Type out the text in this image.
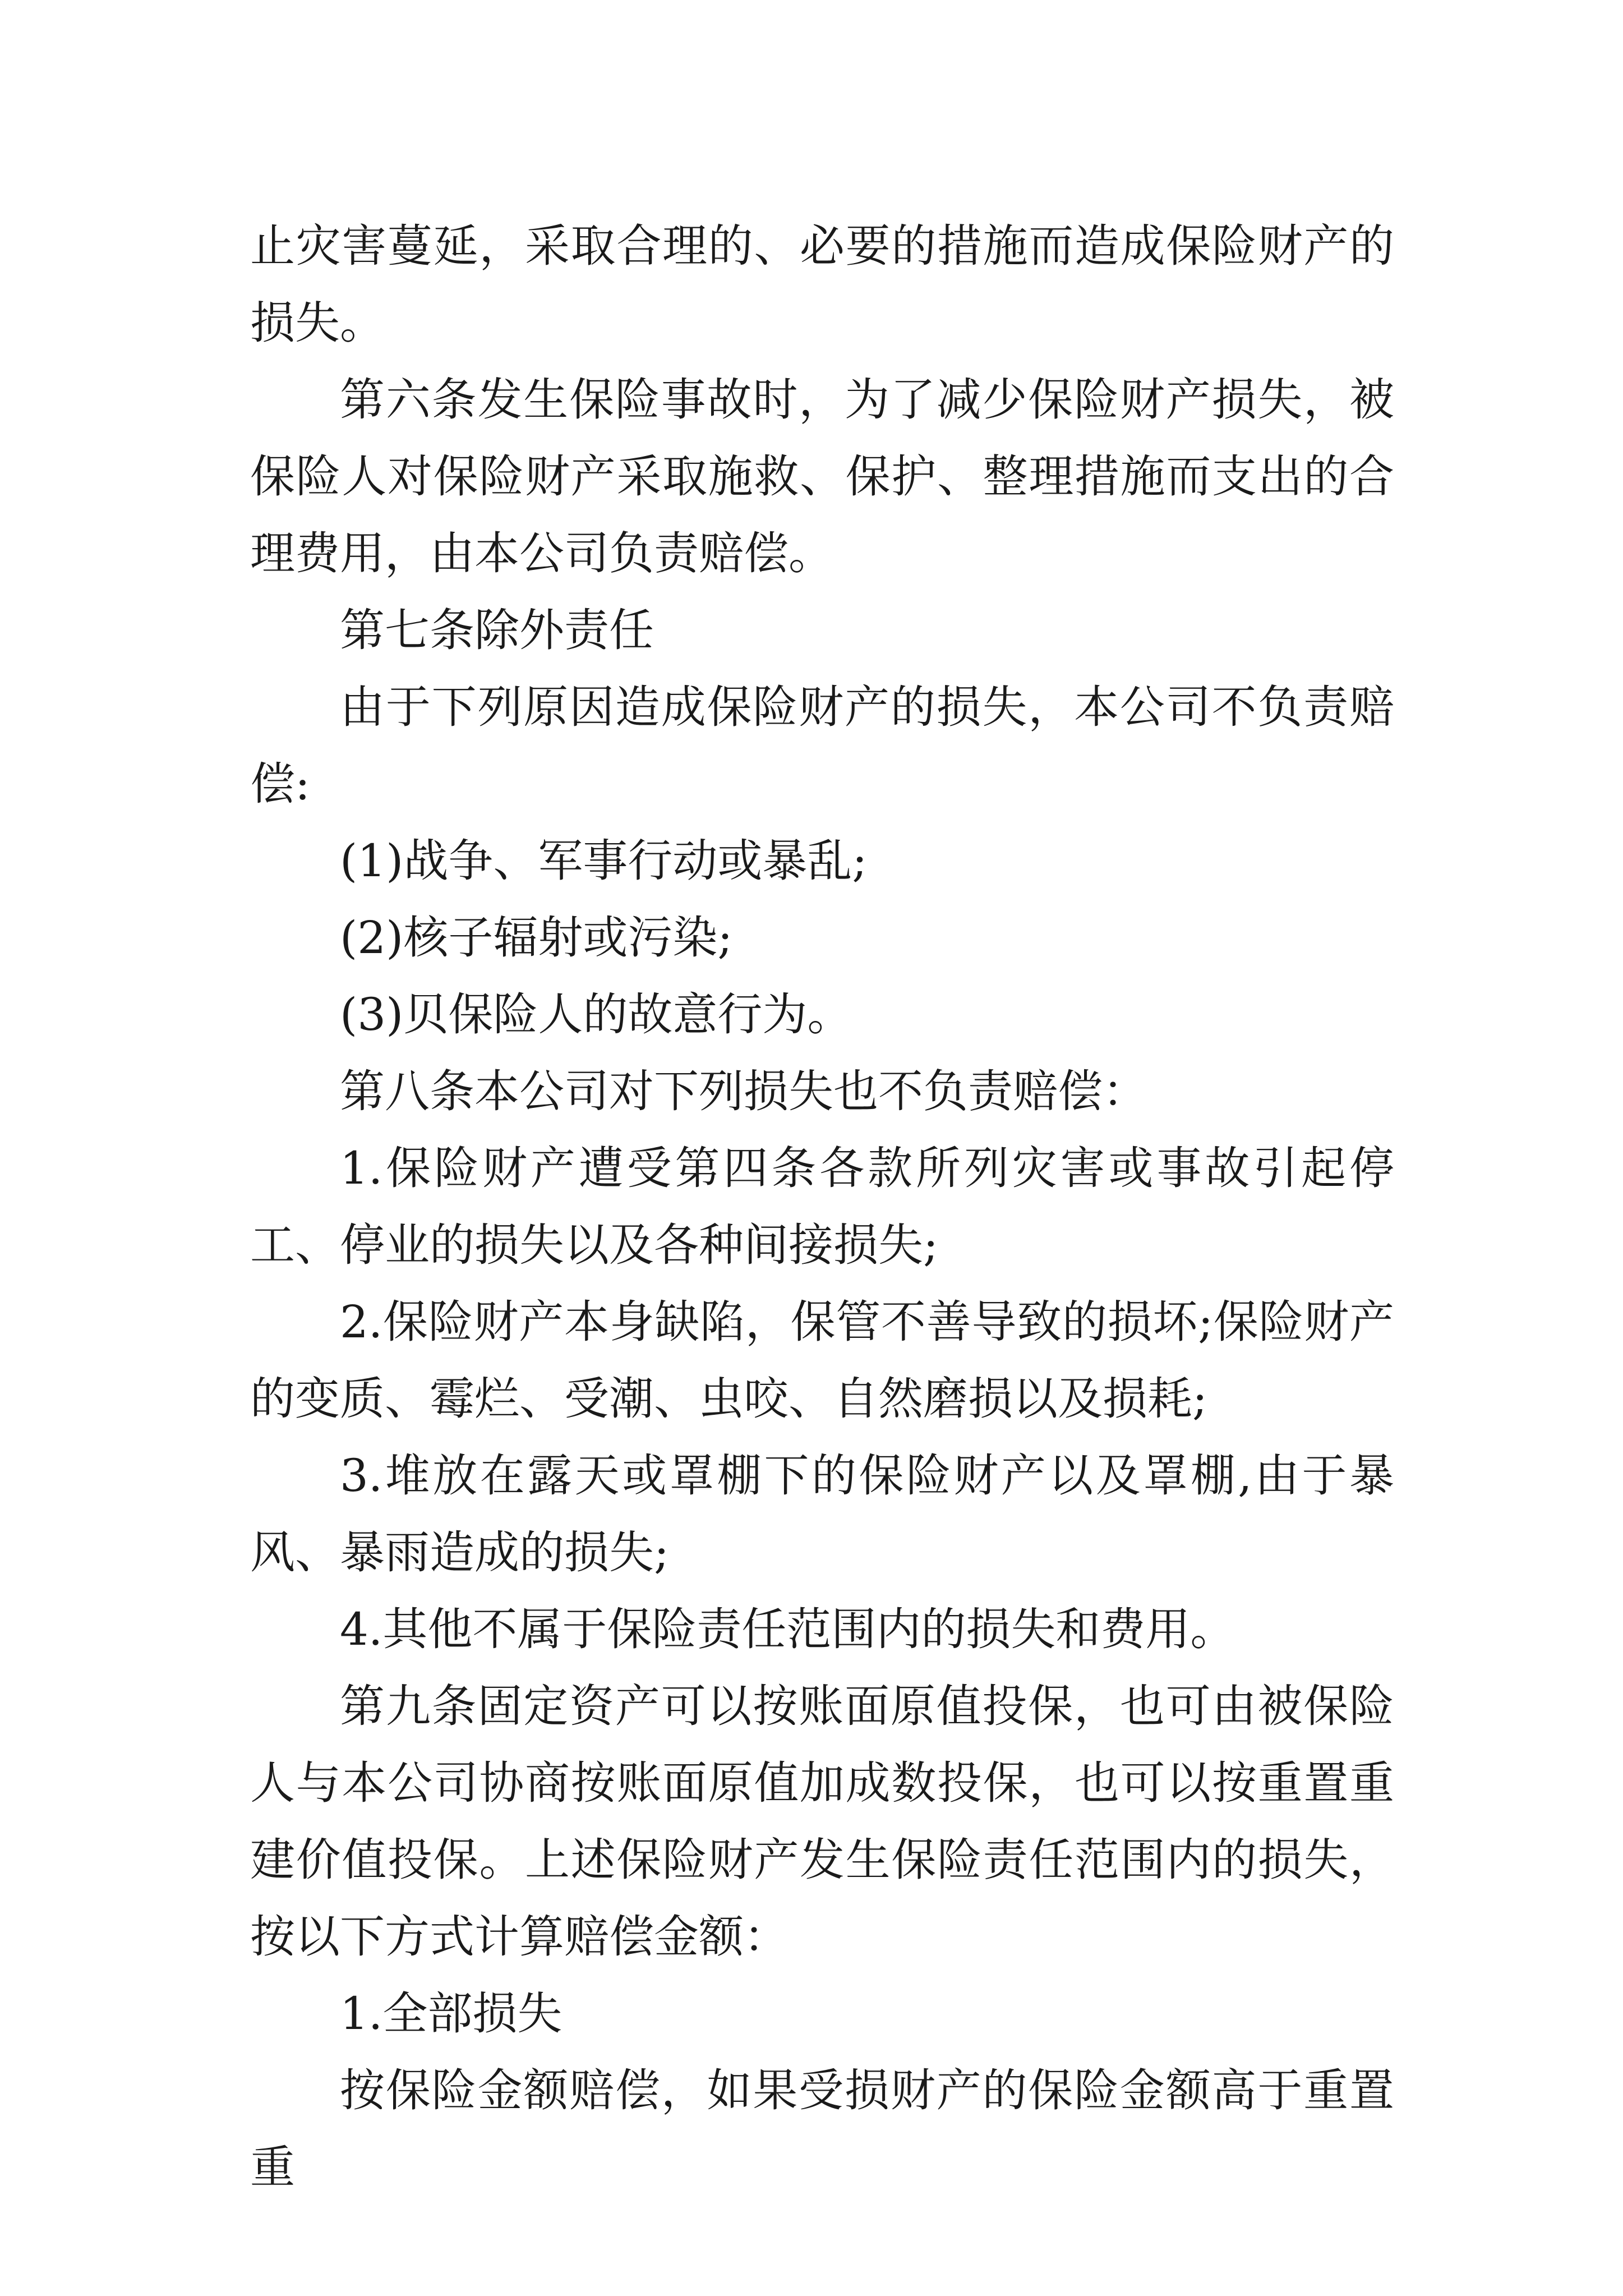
止灾害蔓延，采取合理的、必要的措施而造成保险财产的损失。

第六条发生保险事故时，为了减少保险财产损失，被保险人对保险财产采取施救、保护、整理措施而支出的合理费用，由本公司负责赔偿。

第七条除外责任

由于下列原因造成保险财产的损失，本公司不负责赔偿:

(1)战争、军事行动或暴乱;

(2)核子辐射或污染;

(3)贝保险人的故意行为。

第八条本公司对下列损失也不负责赔偿：

1.保险财产遭受第四条各款所列灾害或事故引起停工、停业的损失以及各种间接损失;

2.保险财产本身缺陷，保管不善导致的损坏;保险财产的变质、霉烂、受潮、虫咬、自然磨损以及损耗;

3.堆放在露天或罩棚下的保险财产以及罩棚,由于暴风、暴雨造成的损失;

4.其他不属于保险责任范围内的损失和费用。

第九条固定资产可以按账面原值投保，也可由被保险人与本公司协商按账面原值加成数投保，也可以按重置重建价值投保。上述保险财产发生保险责任范围内的损失，按以下方式计算赔偿金额：

1.全部损失

按保险金额赔偿，如果受损财产的保险金额高于重置重
